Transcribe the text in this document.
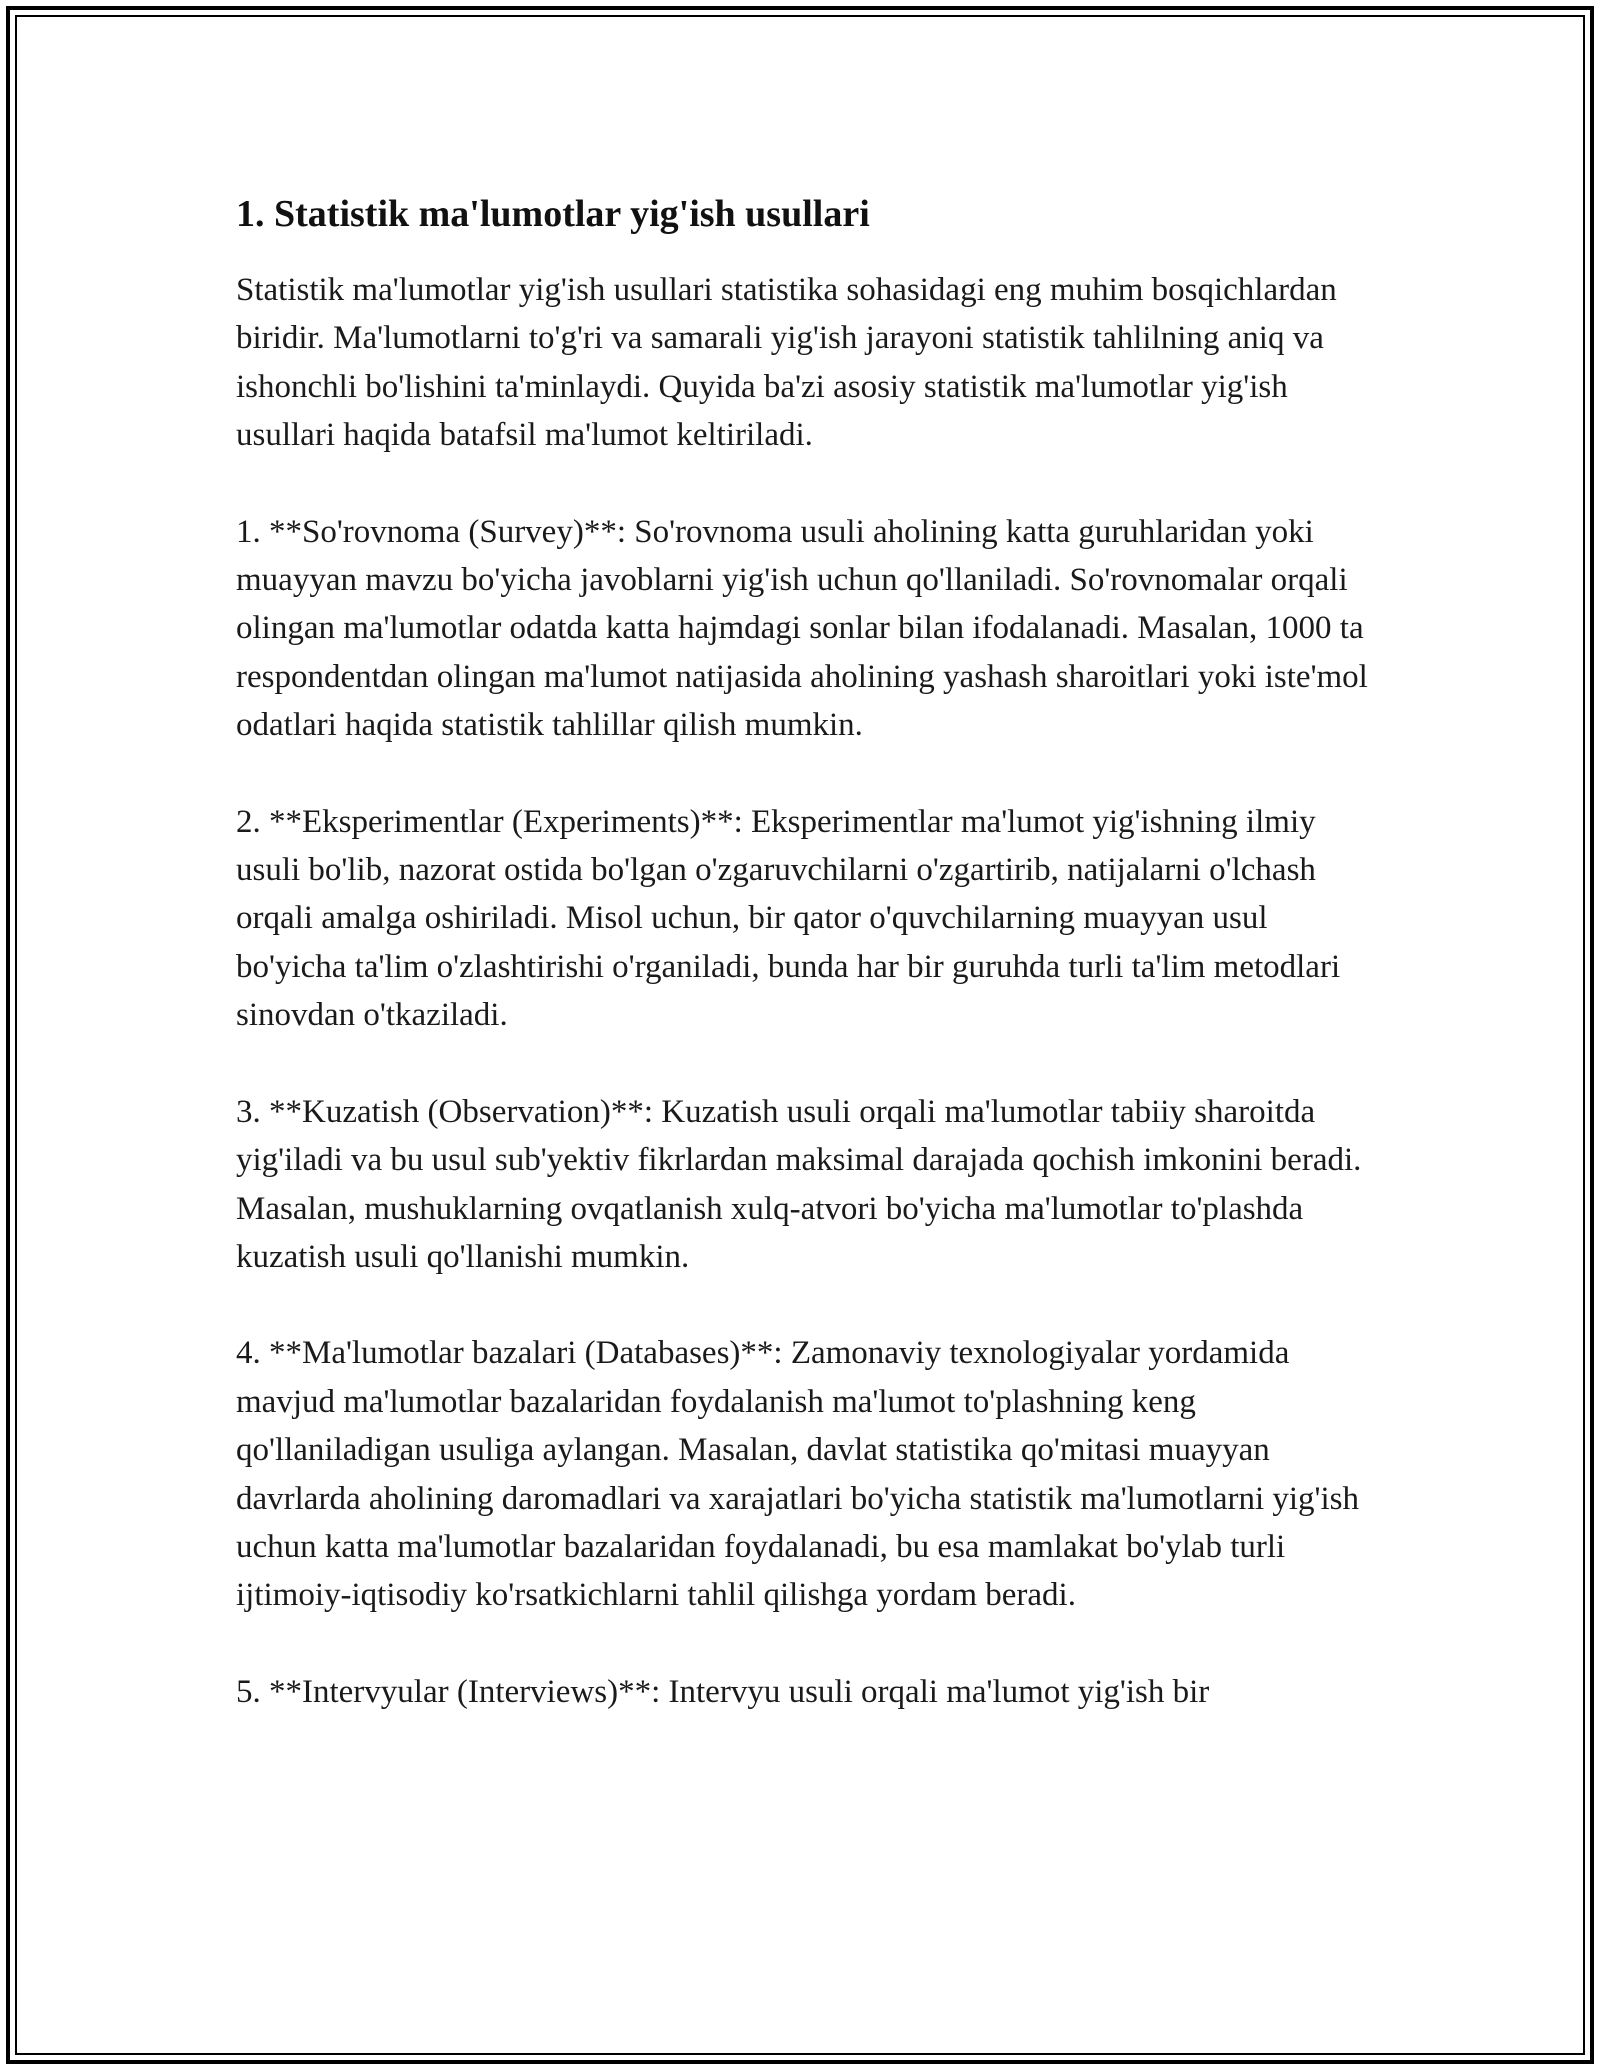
1. Statistik ma'lumotlar yig'ish usullari

Statistik ma'lumotlar yig'ish usullari statistika sohasidagi eng muhim bosqichlardan biridir. Ma'lumotlarni to'g'ri va samarali yig'ish jarayoni statistik tahlilning aniq va ishonchli bo'lishini ta'minlaydi. Quyida ba'zi asosiy statistik ma'lumotlar yig'ish usullari haqida batafsil ma'lumot keltiriladi.

1. **So'rovnoma (Survey)**: So'rovnoma usuli aholining katta guruhlaridan yoki muayyan mavzu bo'yicha javoblarni yig'ish uchun qo'llaniladi. So'rovnomalar orqali olingan ma'lumotlar odatda katta hajmdagi sonlar bilan ifodalanadi. Masalan, 1000 ta respondentdan olingan ma'lumot natijasida aholining yashash sharoitlari yoki iste'mol odatlari haqida statistik tahlillar qilish mumkin.

2. **Eksperimentlar (Experiments)**: Eksperimentlar ma'lumot yig'ishning ilmiy usuli bo'lib, nazorat ostida bo'lgan o'zgaruvchilarni o'zgartirib, natijalarni o'lchash orqali amalga oshiriladi. Misol uchun, bir qator o'quvchilarning muayyan usul bo'yicha ta'lim o'zlashtirishi o'rganiladi, bunda har bir guruhda turli ta'lim metodlari sinovdan o'tkaziladi.

3. **Kuzatish (Observation)**: Kuzatish usuli orqali ma'lumotlar tabiiy sharoitda yig'iladi va bu usul sub'yektiv fikrlardan maksimal darajada qochish imkonini beradi. Masalan, mushuklarning ovqatlanish xulq-atvori bo'yicha ma'lumotlar to'plashda kuzatish usuli qo'llanishi mumkin.

4. **Ma'lumotlar bazalari (Databases)**: Zamonaviy texnologiyalar yordamida mavjud ma'lumotlar bazalaridan foydalanish ma'lumot to'plashning keng qo'llaniladigan usuliga aylangan. Masalan, davlat statistika qo'mitasi muayyan davrlarda aholining daromadlari va xarajatlari bo'yicha statistik ma'lumotlarni yig'ish uchun katta ma'lumotlar bazalaridan foydalanadi, bu esa mamlakat bo'ylab turli ijtimoiy-iqtisodiy ko'rsatkichlarni tahlil qilishga yordam beradi.

5. **Intervyular (Interviews)**: Intervyu usuli orqali ma'lumot yig'ish bir
